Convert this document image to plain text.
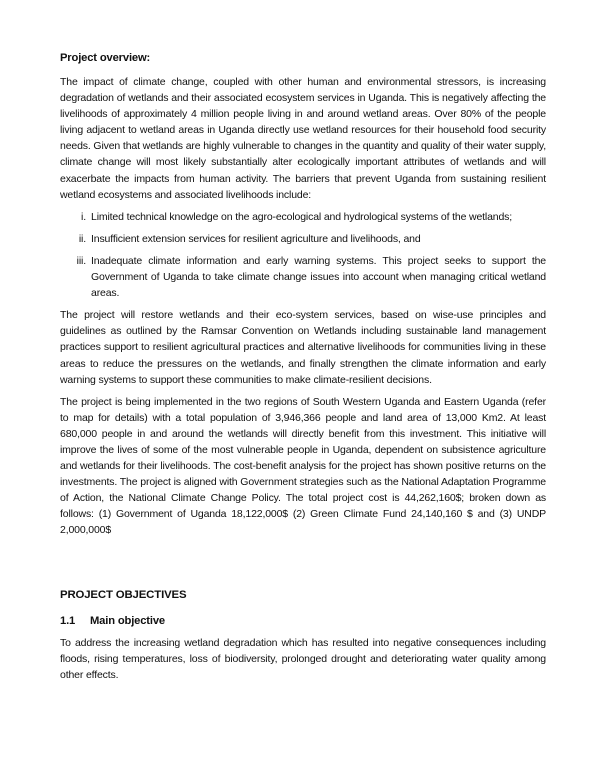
Project overview:

The impact of climate change, coupled with other human and environmental stressors, is increasing degradation of wetlands and their associated ecosystem services in Uganda. This is negatively affecting the livelihoods of approximately 4 million people living in and around wetland areas. Over 80% of the people living adjacent to wetland areas in Uganda directly use wetland resources for their household food security needs. Given that wetlands are highly vulnerable to changes in the quantity and quality of their water supply, climate change will most likely substantially alter ecologically important attributes of wetlands and will exacerbate the impacts from human activity. The barriers that prevent Uganda from sustaining resilient wetland ecosystems and associated livelihoods include:

i. Limited technical knowledge on the agro-ecological and hydrological systems of the wetlands;
ii. Insufficient extension services for resilient agriculture and livelihoods, and
iii. Inadequate climate information and early warning systems. This project seeks to support the Government of Uganda to take climate change issues into account when managing critical wetland areas.

The project will restore wetlands and their eco-system services, based on wise-use principles and guidelines as outlined by the Ramsar Convention on Wetlands including sustainable land management practices support to resilient agricultural practices and alternative livelihoods for communities living in these areas to reduce the pressures on the wetlands, and finally strengthen the climate information and early warning systems to support these communities to make climate-resilient decisions.

The project is being implemented in the two regions of South Western Uganda and Eastern Uganda (refer to map for details) with a total population of 3,946,366 people and land area of 13,000 Km2. At least 680,000 people in and around the wetlands will directly benefit from this investment. This initiative will improve the lives of some of the most vulnerable people in Uganda, dependent on subsistence agriculture and wetlands for their livelihoods. The cost-benefit analysis for the project has shown positive returns on the investments. The project is aligned with Government strategies such as the National Adaptation Programme of Action, the National Climate Change Policy. The total project cost is 44,262,160$; broken down as follows: (1) Government of Uganda 18,122,000$ (2) Green Climate Fund 24,140,160 $ and (3) UNDP 2,000,000$

PROJECT OBJECTIVES
1.1 Main objective

To address the increasing wetland degradation which has resulted into negative consequences including floods, rising temperatures, loss of biodiversity, prolonged drought and deteriorating water quality among other effects.
